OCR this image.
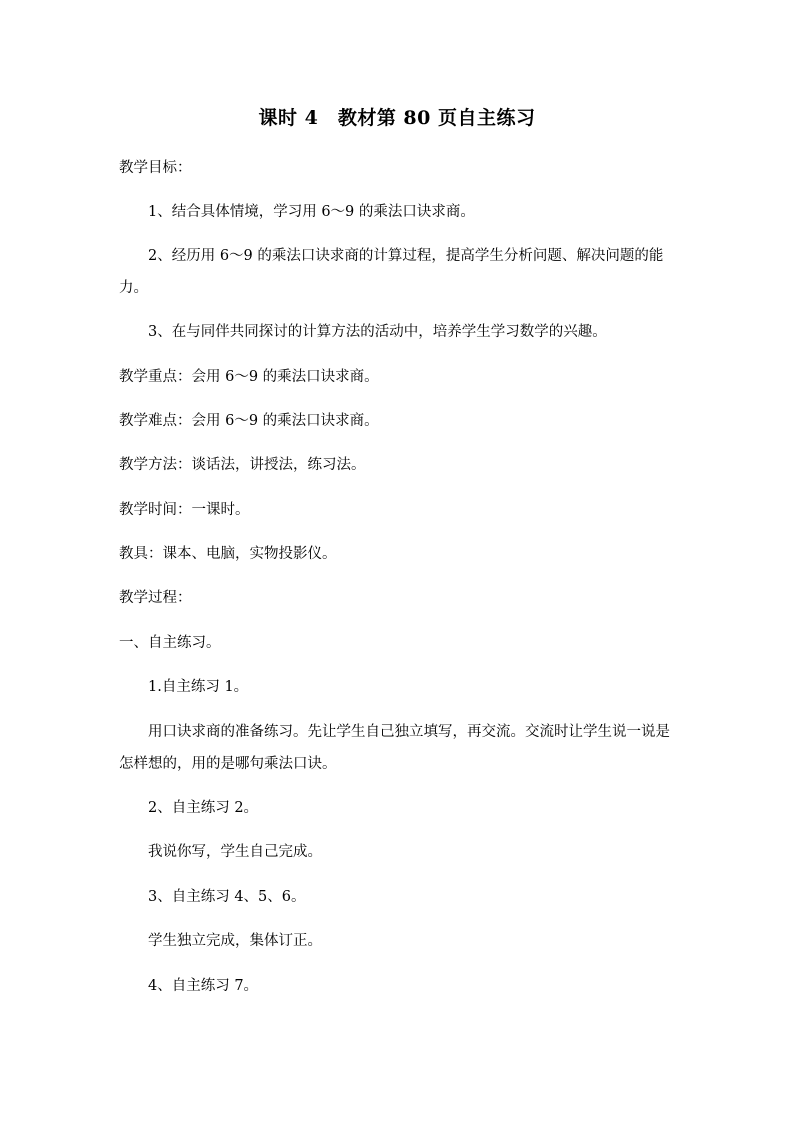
课时 4　教材第 80 页自主练习
教学目标：
1、结合具体情境，学习用 6～9 的乘法口诀求商。
2、经历用 6～9 的乘法口诀求商的计算过程，提高学生分析问题、解决问题的能力。
3、在与同伴共同探讨的计算方法的活动中，培养学生学习数学的兴趣。
教学重点：会用 6～9 的乘法口诀求商。
教学难点：会用 6～9 的乘法口诀求商。
教学方法：谈话法，讲授法，练习法。
教学时间：一课时。
教具：课本、电脑，实物投影仪。
教学过程：
一、自主练习。
1.自主练习 1。
用口诀求商的准备练习。先让学生自己独立填写，再交流。交流时让学生说一说是怎样想的，用的是哪句乘法口诀。
2、自主练习 2。
我说你写，学生自己完成。
3、自主练习 4、5、6。
学生独立完成，集体订正。
4、自主练习 7。
